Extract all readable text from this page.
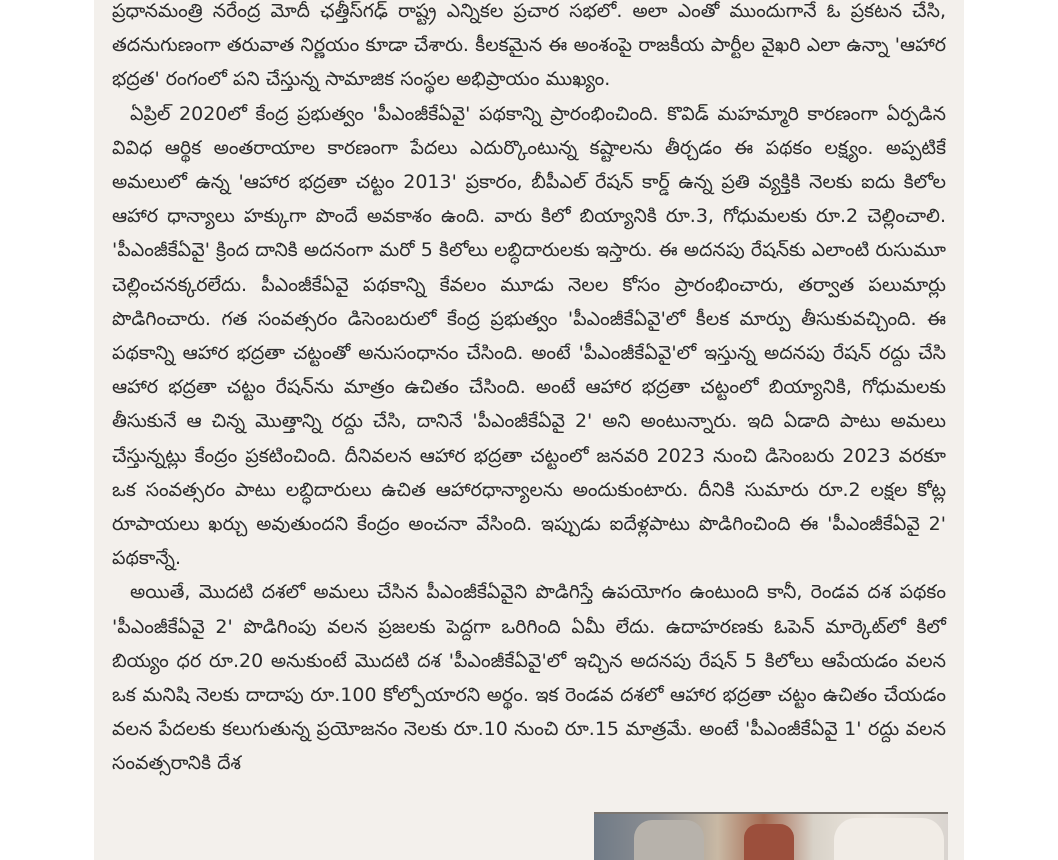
ప్రధానమంత్రి నరేంద్ర మోదీ ఛత్తీస్‌గఢ్ రాష్ట్ర ఎన్నికల ప్రచార సభలో. అలా ఎంతో ముందుగానే ఓ ప్రకటన చేసి, తదనుగుణంగా తరువాత నిర్ణయం కూడా చేశారు. కీలకమైన ఈ అంశంపై రాజకీయ పార్టీల వైఖరి ఎలా ఉన్నా 'ఆహార భద్రత' రంగంలో పని చేస్తున్న సామాజిక సంస్థల అభిప్రాయం ముఖ్యం.

ఏప్రిల్ 2020లో కేంద్ర ప్రభుత్వం 'పీఎంజీకేఏవై' పథకాన్ని ప్రారంభించింది. కొవిడ్ మహమ్మారి కారణంగా ఏర్పడిన వివిధ ఆర్థిక అంతరాయాల కారణంగా పేదలు ఎదుర్కొంటున్న కష్టాలను తీర్చడం ఈ పథకం లక్ష్యం. అప్పటికే అమలులో ఉన్న 'ఆహార భద్రతా చట్టం 2013' ప్రకారం, బీపీఎల్ రేషన్ కార్డ్ ఉన్న ప్రతి వ్యక్తికి నెలకు ఐదు కిలోల ఆహార ధాన్యాలు హక్కుగా పొందే అవకాశం ఉంది. వారు కిలో బియ్యానికి రూ.3, గోధుమలకు రూ.2 చెల్లించాలి. 'పీఎంజీకేఏవై' క్రింద దానికి అదనంగా మరో 5 కిలోలు లబ్ధిదారులకు ఇస్తారు. ఈ అదనపు రేషన్‌కు ఎలాంటి రుసుమూ చెల్లించనక్కరలేదు. పీఎంజీకేఏవై పథకాన్ని కేవలం మూడు నెలల కోసం ప్రారంభించారు, తర్వాత పలుమార్లు పొడిగించారు. గత సంవత్సరం డిసెంబరులో కేంద్ర ప్రభుత్వం 'పీఎంజీకేఏవై'లో కీలక మార్పు తీసుకువచ్చింది. ఈ పథకాన్ని ఆహార భద్రతా చట్టంతో అనుసంధానం చేసింది. అంటే 'పీఎంజీకేఏవై'లో ఇస్తున్న అదనపు రేషన్ రద్దు చేసి ఆహార భద్రతా చట్టం రేషన్‌ను మాత్రం ఉచితం చేసింది. అంటే ఆహార భద్రతా చట్టంలో బియ్యానికి, గోధుమలకు తీసుకునే ఆ చిన్న మొత్తాన్ని రద్దు చేసి, దానినే 'పీఎంజీకేఏవై 2' అని అంటున్నారు. ఇది ఏడాది పాటు అమలు చేస్తున్నట్లు కేంద్రం ప్రకటించింది. దీనివలన ఆహార భద్రతా చట్టంలో జనవరి 2023 నుంచి డిసెంబరు 2023 వరకూ ఒక సంవత్సరం పాటు లబ్ధిదారులు ఉచిత ఆహారధాన్యాలను అందుకుంటారు. దీనికి సుమారు రూ.2 లక్షల కోట్ల రూపాయలు ఖర్చు అవుతుందని కేంద్రం అంచనా వేసింది. ఇప్పుడు ఐదేళ్లపాటు పొడిగించింది ఈ 'పీఎంజీకేఏవై 2' పథకాన్నే.

అయితే, మొదటి దశలో అమలు చేసిన పీఎంజీకేఏవైని పొడిగిస్తే ఉపయోగం ఉంటుంది కానీ, రెండవ దశ పథకం 'పీఎంజీకేఏవై 2' పొడిగింపు వలన ప్రజలకు పెద్దగా ఒరిగింది ఏమీ లేదు. ఉదాహరణకు ఓపెన్ మార్కెట్‌లో కిలో బియ్యం ధర రూ.20 అనుకుంటే మొదటి దశ 'పీఎంజీకేఏవై'లో ఇచ్చిన అదనపు రేషన్ 5 కిలోలు ఆపేయడం వలన ఒక మనిషి నెలకు దాదాపు రూ.100 కోల్పోయారని అర్థం. ఇక రెండవ దశలో ఆహార భద్రతా చట్టం ఉచితం చేయడం వలన పేదలకు కలుగుతున్న ప్రయోజనం నెలకు రూ.10 నుంచి రూ.15 మాత్రమే. అంటే 'పీఎంజీకేఏవై 1' రద్దు వలన సంవత్సరానికి దేశ
